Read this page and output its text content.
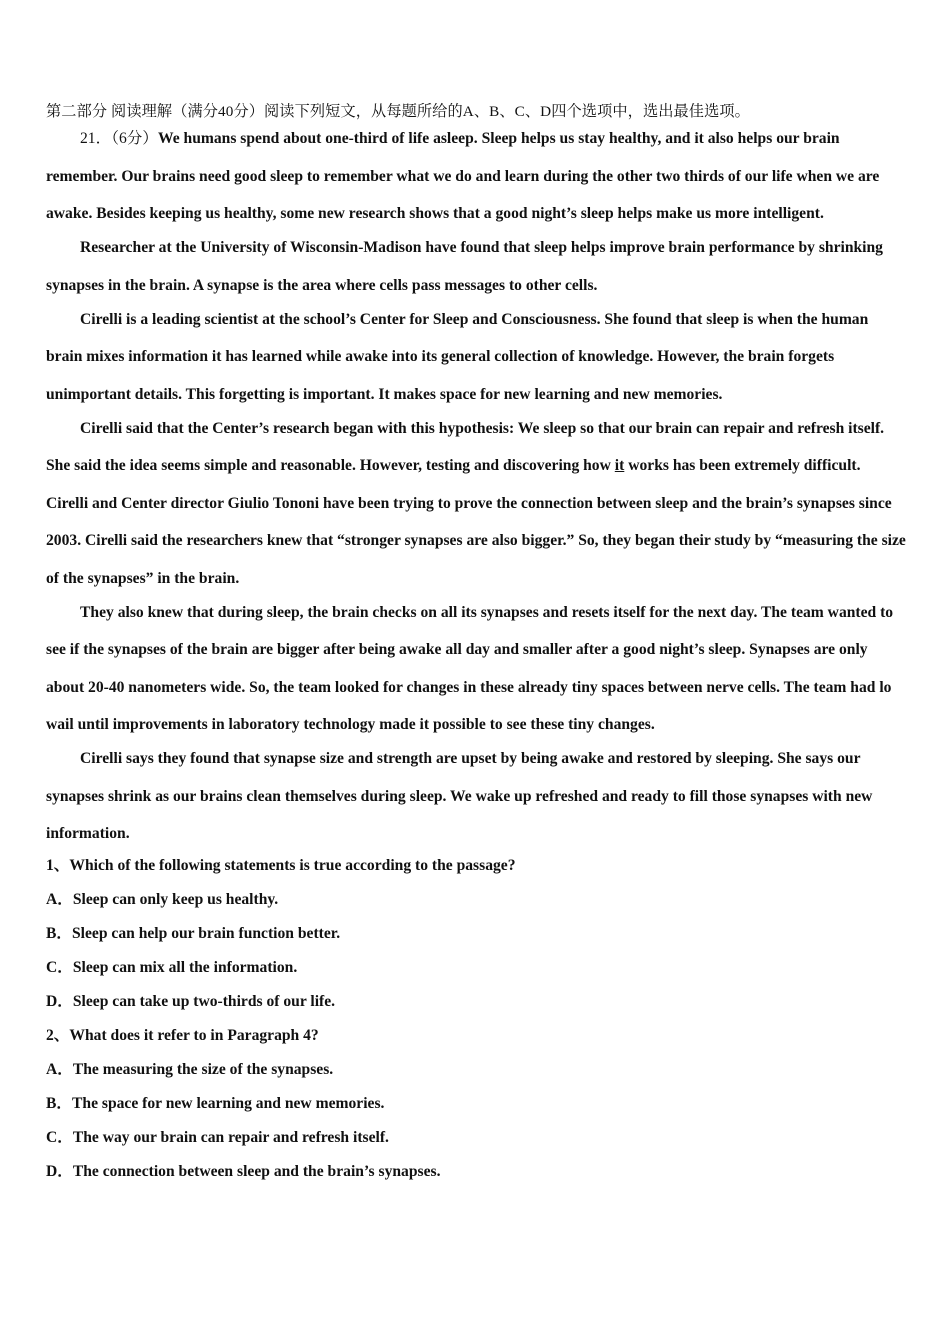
第二部分 阅读理解（满分40分）阅读下列短文，从每题所给的A、B、C、D四个选项中，选出最佳选项。

21．（6分）We humans spend about one-third of life asleep. Sleep helps us stay healthy, and it also helps our brain remember. Our brains need good sleep to remember what we do and learn during the other two thirds of our life when we are awake. Besides keeping us healthy, some new research shows that a good night’s sleep helps make us more intelligent.

Researcher at the University of Wisconsin-Madison have found that sleep helps improve brain performance by shrinking synapses in the brain. A synapse is the area where cells pass messages to other cells.

Cirelli is a leading scientist at the school’s Center for Sleep and Consciousness. She found that sleep is when the human brain mixes information it has learned while awake into its general collection of knowledge. However, the brain forgets unimportant details. This forgetting is important. It makes space for new learning and new memories.

Cirelli said that the Center’s research began with this hypothesis: We sleep so that our brain can repair and refresh itself. She said the idea seems simple and reasonable. However, testing and discovering how it works has been extremely difficult. Cirelli and Center director Giulio Tononi have been trying to prove the connection between sleep and the brain’s synapses since 2003. Cirelli said the researchers knew that “stronger synapses are also bigger.” So, they began their study by “measuring the size of the synapses” in the brain.

They also knew that during sleep, the brain checks on all its synapses and resets itself for the next day. The team wanted to see if the synapses of the brain are bigger after being awake all day and smaller after a good night’s sleep. Synapses are only about 20-40 nanometers wide. So, the team looked for changes in these already tiny spaces between nerve cells. The team had lo wail until improvements in laboratory technology made it possible to see these tiny changes.

Cirelli says they found that synapse size and strength are upset by being awake and restored by sleeping. She says our synapses shrink as our brains clean themselves during sleep. We wake up refreshed and ready to fill those synapses with new information.

1、Which of the following statements is true according to the passage?
A．Sleep can only keep us healthy.
B．Sleep can help our brain function better.
C．Sleep can mix all the information.
D．Sleep can take up two-thirds of our life.
2、What does it refer to in Paragraph 4?
A．The measuring the size of the synapses.
B．The space for new learning and new memories.
C．The way our brain can repair and refresh itself.
D．The connection between sleep and the brain’s synapses.
